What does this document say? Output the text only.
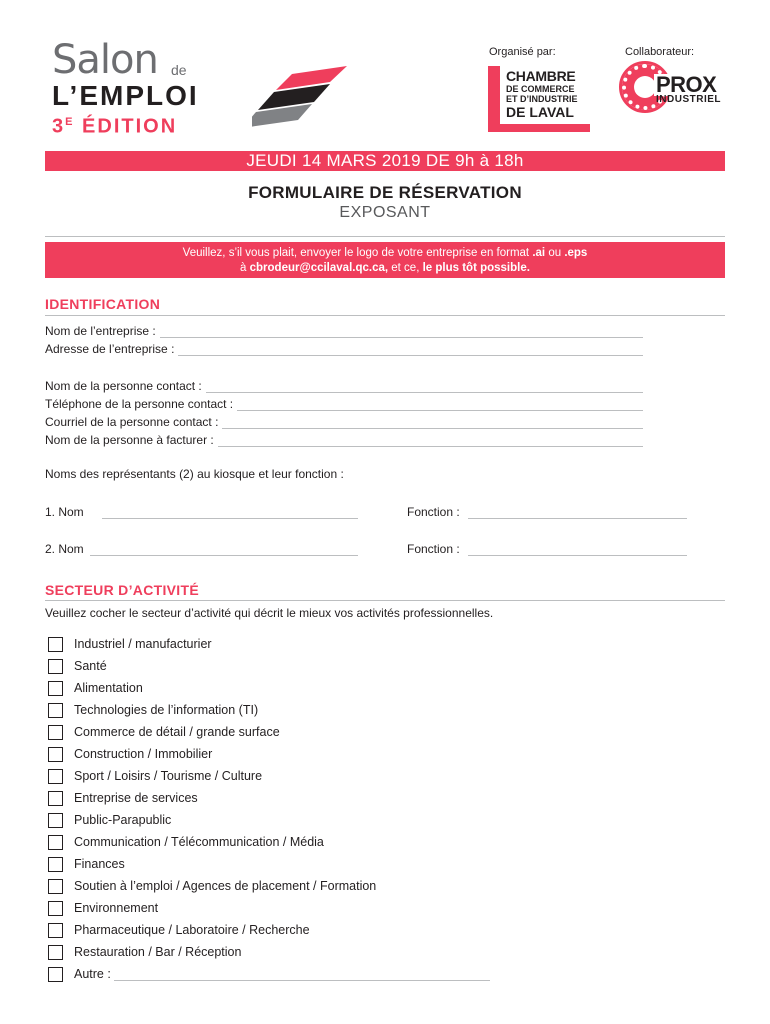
Salon de
L’EMPLOI
$3^E$ ÉDITION
Organisé par:	Collaborateur:
CHAMBRE
DE COMMERCE
ET D’INDUSTRIE
DE LAVAL
PROX
INDUSTRIEL
JEUDI 14 MARS 2019 DE 9h à 18h
FORMULAIRE DE RÉSERVATION
EXPOSANT
Veuillez, s’il vous plait, envoyer le logo de votre entreprise en format .ai ou .eps
à cbrodeur@ccilaval.qc.ca, et ce, le plus tôt possible.
IDENTIFICATION
Nom de l’entreprise :
Adresse de l’entreprise :
Nom de la personne contact :
Téléphone de la personne contact :
Courriel de la personne contact :
Nom de la personne à facturer :
Noms des représentants (2) au kiosque et leur fonction :
1. Nom	Fonction :
2. Nom	Fonction :
SECTEUR D’ACTIVITÉ
Veuillez cocher le secteur d’activité qui décrit le mieux vos activités professionnelles.
Industriel / manufacturier
Santé
Alimentation
Technologies de l’information (TI)
Commerce de détail / grande surface
Construction / Immobilier
Sport / Loisirs / Tourisme / Culture
Entreprise de services
Public-Parapublic
Communication / Télécommunication / Média
Finances
Soutien à l’emploi / Agences de placement / Formation
Environnement
Pharmaceutique / Laboratoire / Recherche
Restauration / Bar / Réception
Autre :
